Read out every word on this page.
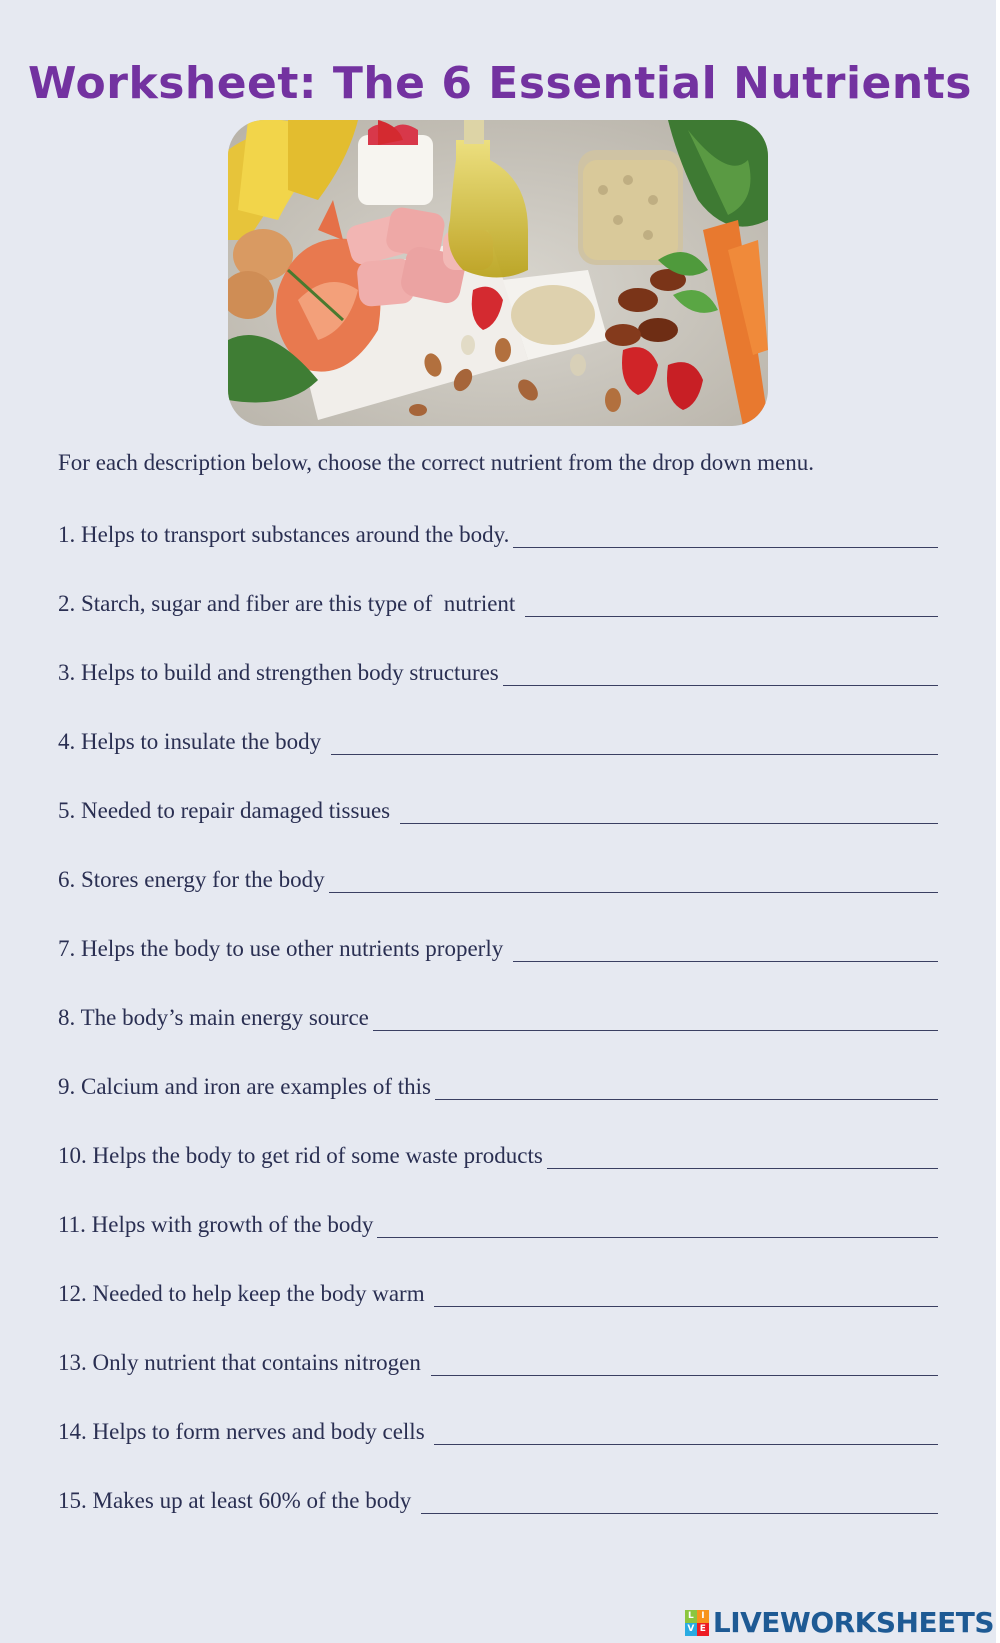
Worksheet: The 6 Essential Nutrients
For each description below, choose the correct nutrient from the drop down menu.
1. Helps to transport substances around the body.
2. Starch, sugar and fiber are this type of  nutrient
3. Helps to build and strengthen body structures
4. Helps to insulate the body
5. Needed to repair damaged tissues
6. Stores energy for the body
7. Helps the body to use other nutrients properly
8. The body’s main energy source
9. Calcium and iron are examples of this
10. Helps the body to get rid of some waste products
11. Helps with growth of the body
12. Needed to help keep the body warm
13. Only nutrient that contains nitrogen
14. Helps to form nerves and body cells
15. Makes up at least 60% of the body
L I
V E LIVEWORKSHEETS
